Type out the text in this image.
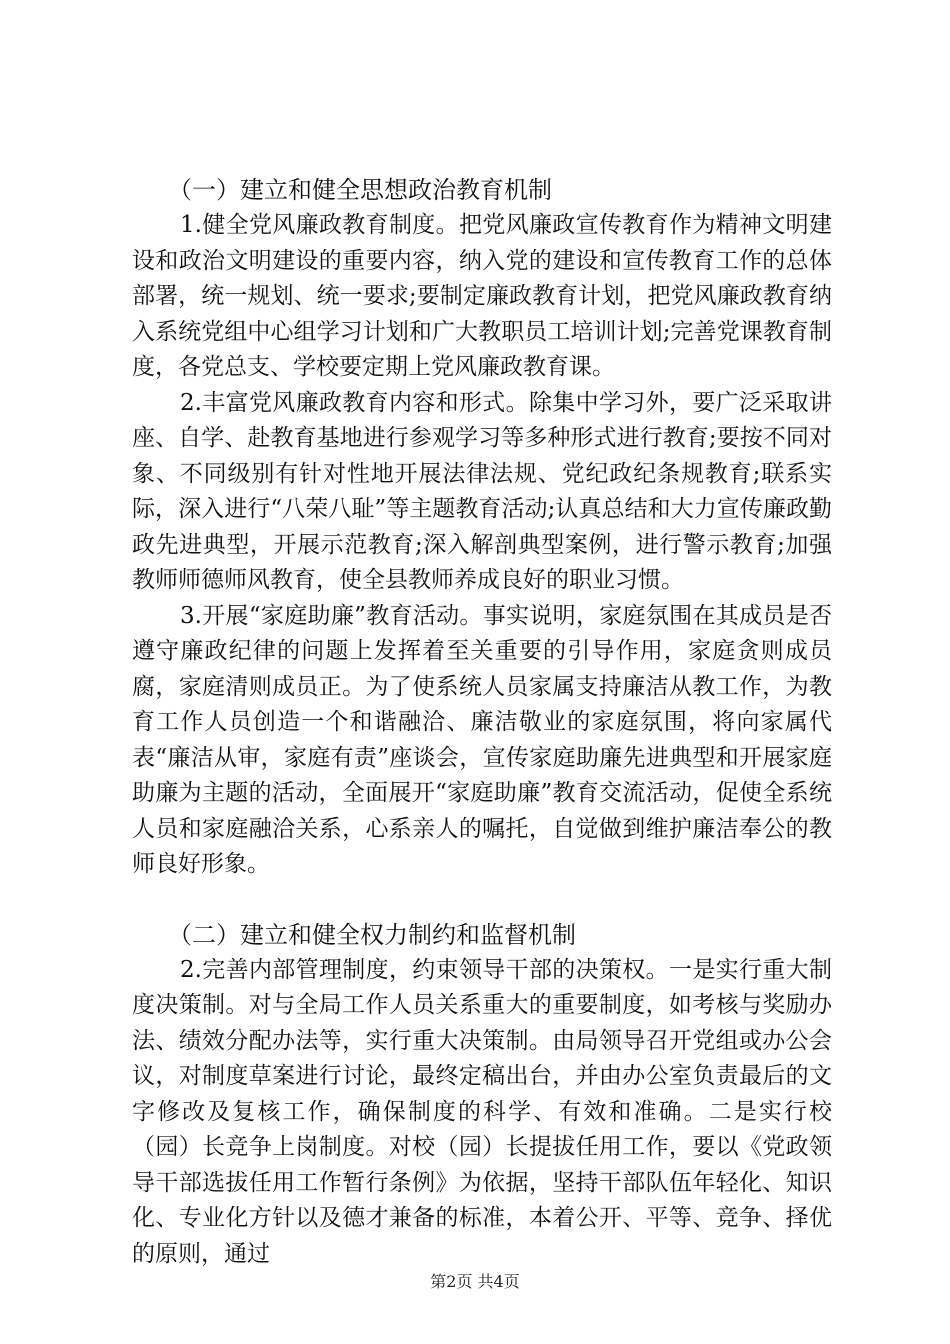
（一）建立和健全思想政治教育机制

1.健全党风廉政教育制度。把党风廉政宣传教育作为精神文明建设和政治文明建设的重要内容，纳入党的建设和宣传教育工作的总体部署，统一规划、统一要求;要制定廉政教育计划，把党风廉政教育纳入系统党组中心组学习计划和广大教职员工培训计划;完善党课教育制度，各党总支、学校要定期上党风廉政教育课。

2.丰富党风廉政教育内容和形式。除集中学习外，要广泛采取讲座、自学、赴教育基地进行参观学习等多种形式进行教育;要按不同对象、不同级别有针对性地开展法律法规、党纪政纪条规教育;联系实际，深入进行“八荣八耻”等主题教育活动;认真总结和大力宣传廉政勤政先进典型，开展示范教育;深入解剖典型案例，进行警示教育;加强教师师德师风教育，使全县教师养成良好的职业习惯。

3.开展“家庭助廉”教育活动。事实说明，家庭氛围在其成员是否遵守廉政纪律的问题上发挥着至关重要的引导作用，家庭贪则成员腐，家庭清则成员正。为了使系统人员家属支持廉洁从教工作，为教育工作人员创造一个和谐融洽、廉洁敬业的家庭氛围，将向家属代表“廉洁从审，家庭有责”座谈会，宣传家庭助廉先进典型和开展家庭助廉为主题的活动，全面展开“家庭助廉”教育交流活动，促使全系统人员和家庭融洽关系，心系亲人的嘱托，自觉做到维护廉洁奉公的教师良好形象。

（二）建立和健全权力制约和监督机制

2.完善内部管理制度，约束领导干部的决策权。一是实行重大制度决策制。对与全局工作人员关系重大的重要制度，如考核与奖励办法、绩效分配办法等，实行重大决策制。由局领导召开党组或办公会议，对制度草案进行讨论，最终定稿出台，并由办公室负责最后的文字修改及复核工作，确保制度的科学、有效和准确。二是实行校（园）长竞争上岗制度。对校（园）长提拔任用工作，要以《党政领导干部选拔任用工作暂行条例》为依据，坚持干部队伍年轻化、知识化、专业化方针以及德才兼备的标准，本着公开、平等、竞争、择优的原则，通过

第2页 共4页
